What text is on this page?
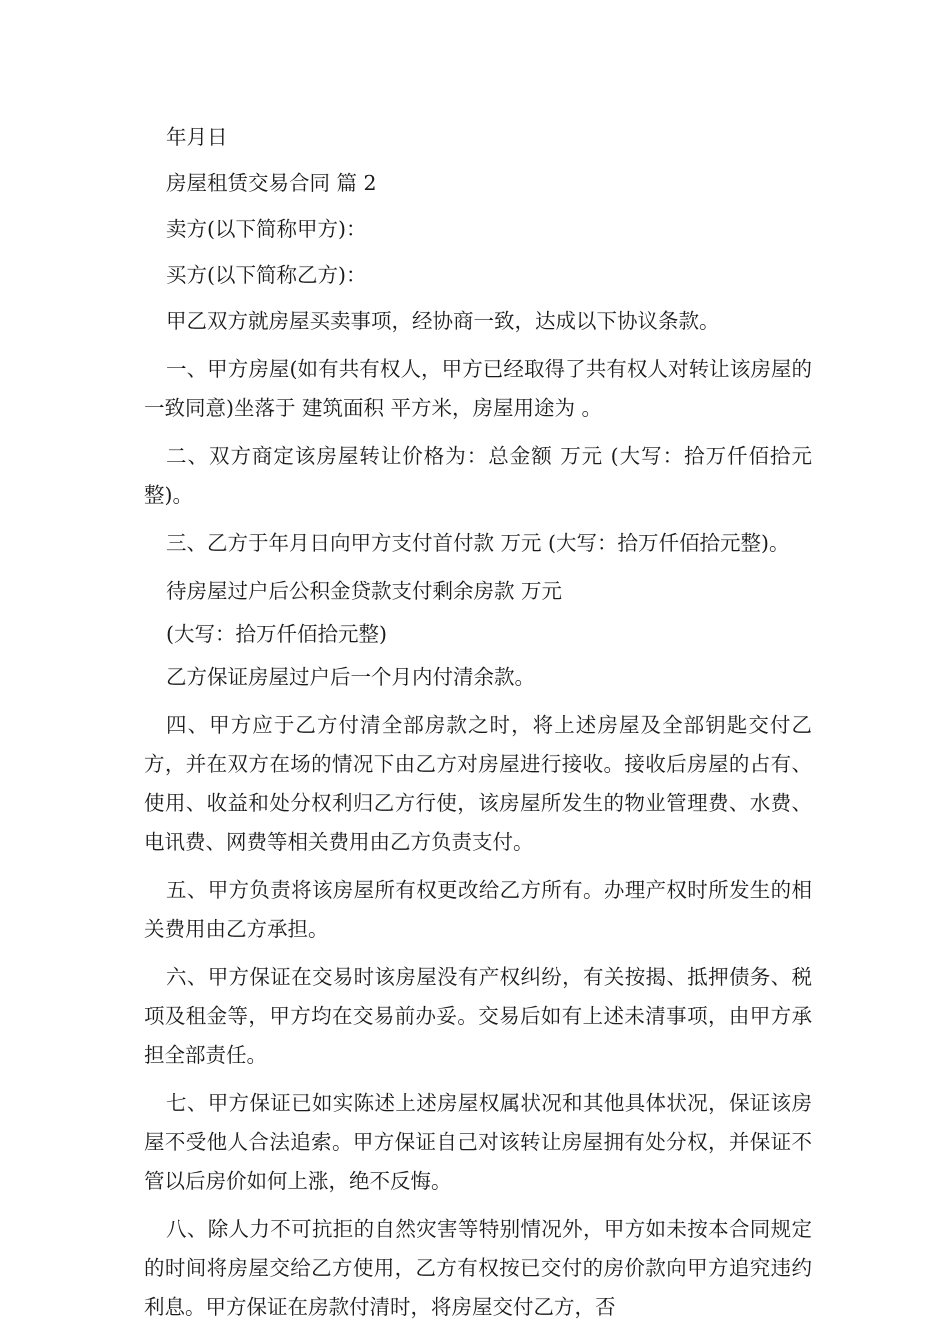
年月日

房屋租赁交易合同 篇 2

卖方(以下简称甲方)：

买方(以下简称乙方)：

甲乙双方就房屋买卖事项，经协商一致，达成以下协议条款。

一、甲方房屋(如有共有权人，甲方已经取得了共有权人对转让该房屋的一致同意)坐落于 建筑面积 平方米，房屋用途为 。

二、双方商定该房屋转让价格为：总金额 万元 (大写：拾万仟佰拾元整)。

三、乙方于年月日向甲方支付首付款 万元 (大写：拾万仟佰拾元整)。

待房屋过户后公积金贷款支付剩余房款 万元

(大写：拾万仟佰拾元整)

乙方保证房屋过户后一个月内付清余款。

四、甲方应于乙方付清全部房款之时，将上述房屋及全部钥匙交付乙方，并在双方在场的情况下由乙方对房屋进行接收。接收后房屋的占有、使用、收益和处分权利归乙方行使，该房屋所发生的物业管理费、水费、电讯费、网费等相关费用由乙方负责支付。

五、甲方负责将该房屋所有权更改给乙方所有。办理产权时所发生的相关费用由乙方承担。

六、甲方保证在交易时该房屋没有产权纠纷，有关按揭、抵押债务、税项及租金等，甲方均在交易前办妥。交易后如有上述未清事项，由甲方承担全部责任。

七、甲方保证已如实陈述上述房屋权属状况和其他具体状况，保证该房屋不受他人合法追索。甲方保证自己对该转让房屋拥有处分权，并保证不管以后房价如何上涨，绝不反悔。

八、除人力不可抗拒的自然灾害等特别情况外，甲方如未按本合同规定的时间将房屋交给乙方使用，乙方有权按已交付的房价款向甲方追究违约利息。甲方保证在房款付清时，将房屋交付乙方，否
